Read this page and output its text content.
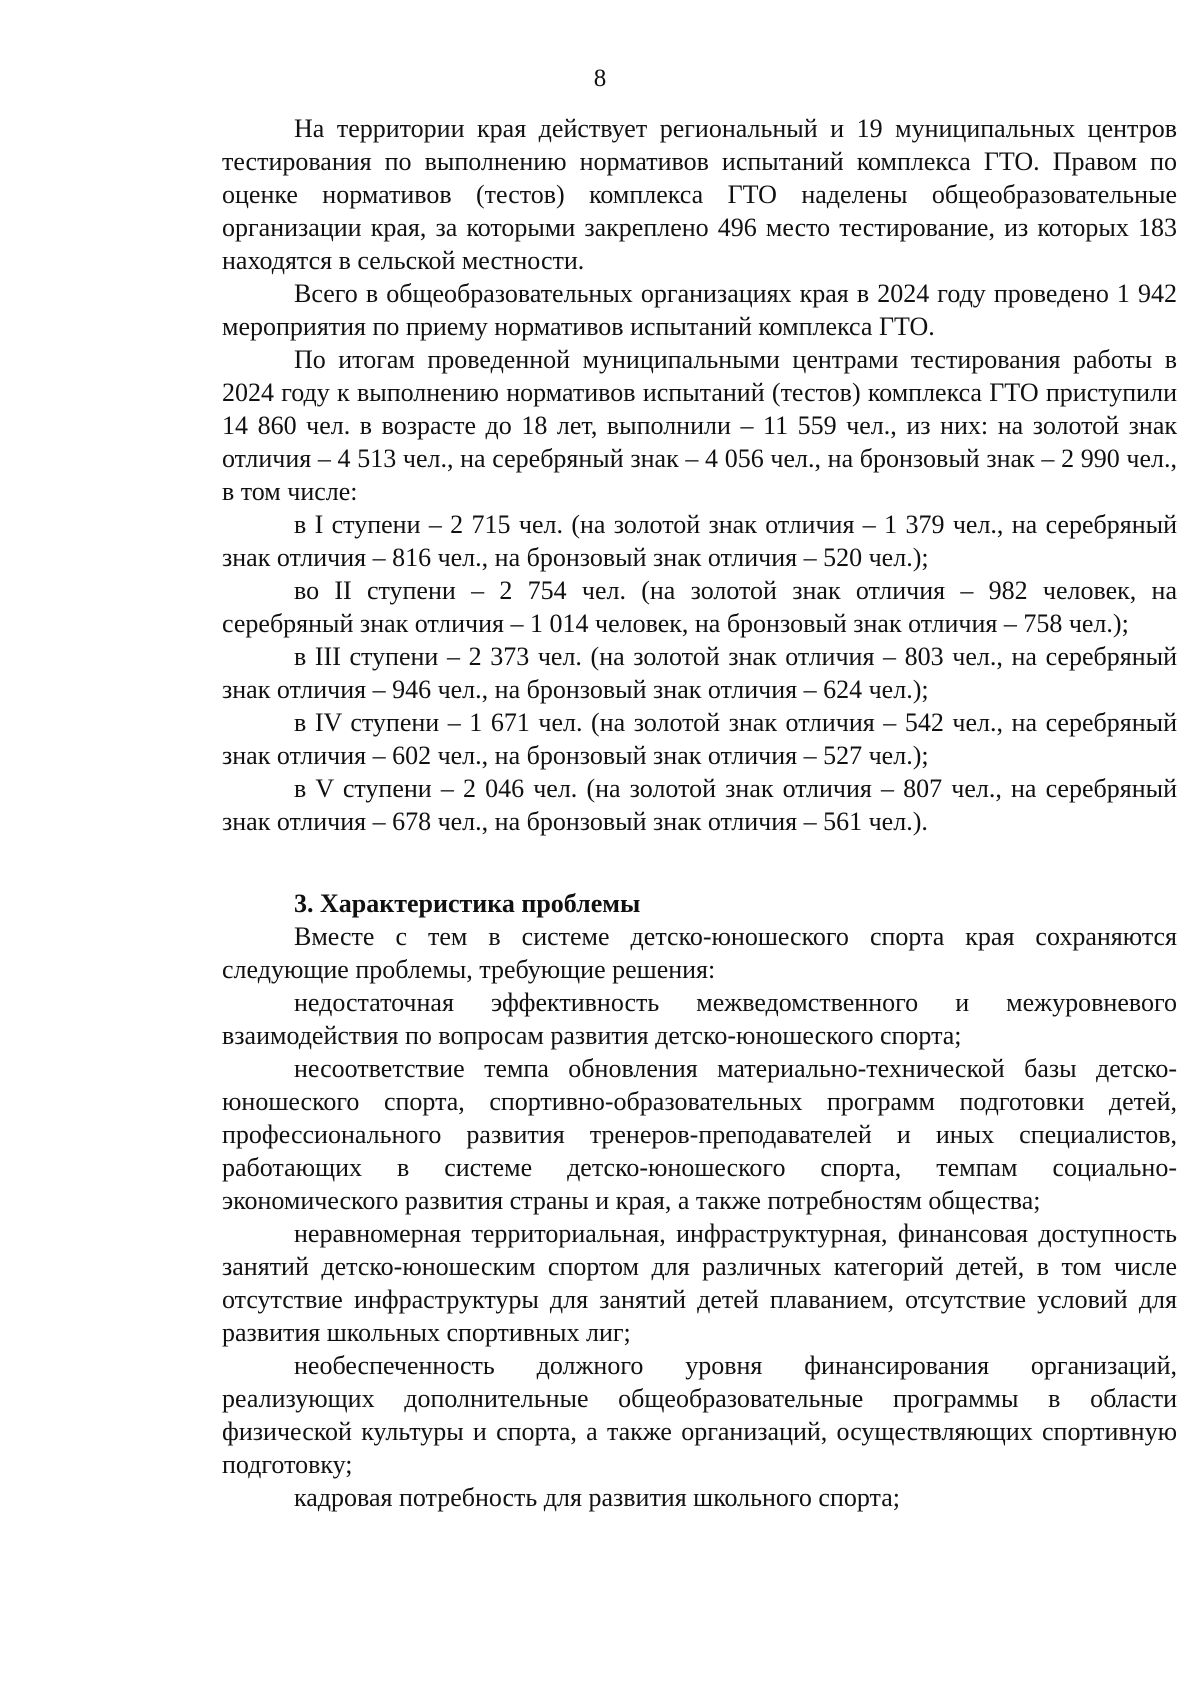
8

На территории края действует региональный и 19 муниципальных центров тестирования по выполнению нормативов испытаний комплекса ГТО. Правом по оценке нормативов (тестов) комплекса ГТО наделены общеобразовательные организации края, за которыми закреплено 496 место тестирование, из которых 183 находятся в сельской местности.

Всего в общеобразовательных организациях края в 2024 году проведено 1 942 мероприятия по приему нормативов испытаний комплекса ГТО.

По итогам проведенной муниципальными центрами тестирования работы в 2024 году к выполнению нормативов испытаний (тестов) комплекса ГТО приступили 14 860 чел. в возрасте до 18 лет, выполнили – 11 559 чел., из них: на золотой знак отличия – 4 513 чел., на серебряный знак – 4 056 чел., на бронзовый знак – 2 990 чел., в том числе:

в I ступени – 2 715 чел. (на золотой знак отличия – 1 379 чел., на серебряный знак отличия – 816 чел., на бронзовый знак отличия – 520 чел.);

во II ступени – 2 754 чел. (на золотой знак отличия – 982 человек, на серебряный знак отличия – 1 014 человек, на бронзовый знак отличия – 758 чел.);

в III ступени – 2 373 чел. (на золотой знак отличия – 803 чел., на серебряный знак отличия – 946 чел., на бронзовый знак отличия – 624 чел.);

в IV ступени – 1 671 чел. (на золотой знак отличия – 542 чел., на серебряный знак отличия – 602 чел., на бронзовый знак отличия – 527 чел.);

в V ступени – 2 046 чел. (на золотой знак отличия – 807 чел., на серебряный знак отличия – 678 чел., на бронзовый знак отличия – 561 чел.).

3. Характеристика проблемы

Вместе с тем в системе детско-юношеского спорта края сохраняются следующие проблемы, требующие решения:

недостаточная эффективность межведомственного и межуровневого взаимодействия по вопросам развития детско-юношеского спорта;

несоответствие темпа обновления материально-технической базы детско-юношеского спорта, спортивно-образовательных программ подготовки детей, профессионального развития тренеров-преподавателей и иных специалистов, работающих в системе детско-юношеского спорта, темпам социально-экономического развития страны и края, а также потребностям общества;

неравномерная территориальная, инфраструктурная, финансовая доступность занятий детско-юношеским спортом для различных категорий детей, в том числе отсутствие инфраструктуры для занятий детей плаванием, отсутствие условий для развития школьных спортивных лиг;

необеспеченность должного уровня финансирования организаций, реализующих дополнительные общеобразовательные программы в области физической культуры и спорта, а также организаций, осуществляющих спортивную подготовку;

кадровая потребность для развития школьного спорта;
